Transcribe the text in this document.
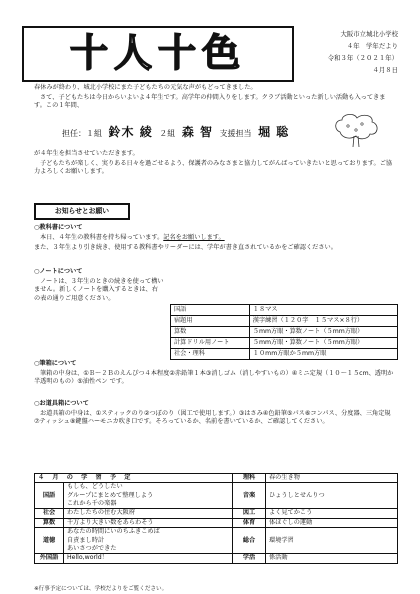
十人十色	大阪市立城北小学校
４年　学年だより
令和３年（２０２１年）
４月８日
春休みが終わり、城北小学校にまた子どもたちの元気な声がもどってきました。
さて、子どもたちは今日からいよいよ４年生です。高学年の仲間入りをします。クラブ活動といった新しい活動も入ってきます。この１年間、
担任：１組 鈴木 綾 ２組 森 智 支援担当 堀 聡
が４年生を担当させていただきます。
子どもたちが楽しく、実りある日々を過ごせるよう、保護者のみなさまと協力してがんばっていきたいと思っております。ご協力よろしくお願いします。
お知らせとお願い
○教科書について
本日、４年生の教科書を持ち帰っています。記名をお願いします。
また、３年生より引き続き、使用する教科書やリーダーには、学年が書き直されているかをご確認ください。
○ノートについて
ノートは、３年生のときの続きを使って構いません。新しくノートを購入するときは、右の表の通りご用意ください。
国語	１８マス
宿題用	漢字練習（１２０字　１５マス×８行）
算数	５mm方眼・算数ノート（５mm方眼）
計算ドリル用ノート	５mm方眼・算数ノート（５mm方眼）
社会・理科	１０mm方眼か５mm方眼
○筆箱について
筆箱の中身は、①Ｂ～２Ｂのえんぴつ４本程度②赤鉛筆１本③消しゴム（消しやすいもの）④ミニ定規（１０～１５cm、透明か半透明のもの）⑤油性ペン です。
○お道具箱について
お道具箱の中身は、①スティックのり②つぼのり（図工で使用します。）③はさみ④色鉛筆⑤パス⑥コンパス、分度器、三角定規⑦ティッシュ⑧鍵盤ハーモニカ吹き口です。そろっているか、名前を書いているか、ご確認してください。
４　月　の　学　習　予　定		理科	春の生き物
国語	もしも、どうしたい
グループにまとめて整理しよう
これから千の楽器	音楽	ひょうしとせんりつ
社会	わたしたちの住む大阪府	図工	よく見てかこう
算数	千万より大きい数をあらわそう	体育	体ほぐしの運動
道徳	あなたの時間にいのちふきこめば
自責まし時計
あいさつができた	総合	環境学習
外国語	Hello,world！	学活	係活動
※行事予定については、学校だよりをご覧ください。
